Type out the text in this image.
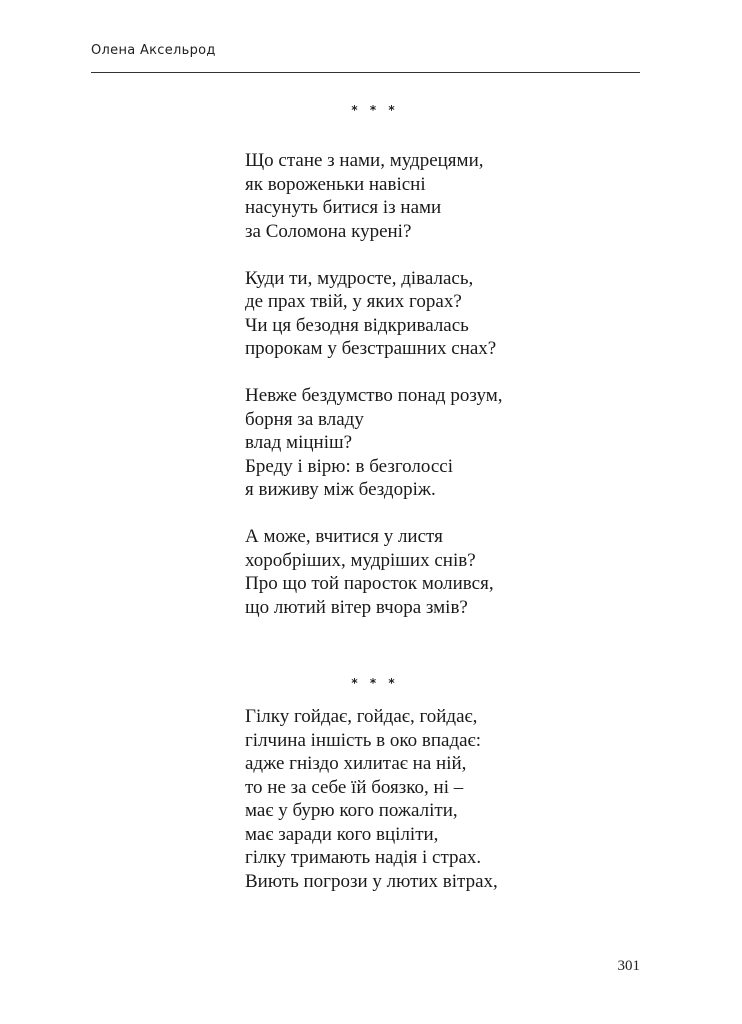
Олена Аксельрод
* * *
Що стане з нами, мудрецями,
як вороженьки навісні
насунуть битися із нами
за Соломона курені?
Куди ти, мудросте, дівалась,
де прах твій, у яких горах?
Чи ця безодня відкривалась
пророкам у безстрашних снах?
Невже бездумство понад розум,
борня за владу
влад міцніш?
Бреду і вірю: в безголоссі
я виживу між бездоріж.
А може, вчитися у листя
хоробріших, мудріших снів?
Про що той паросток молився,
що лютий вітер вчора змів?
* * *
Гілку гойдає, гойдає, гойдає,
гілчина іншість в око впадає:
адже гніздо хилитає на ній,
то не за себе їй боязко, ні –
має у бурю кого пожаліти,
має заради кого вціліти,
гілку тримають надія і страх.
Виють погрози у лютих вітрах,
301
